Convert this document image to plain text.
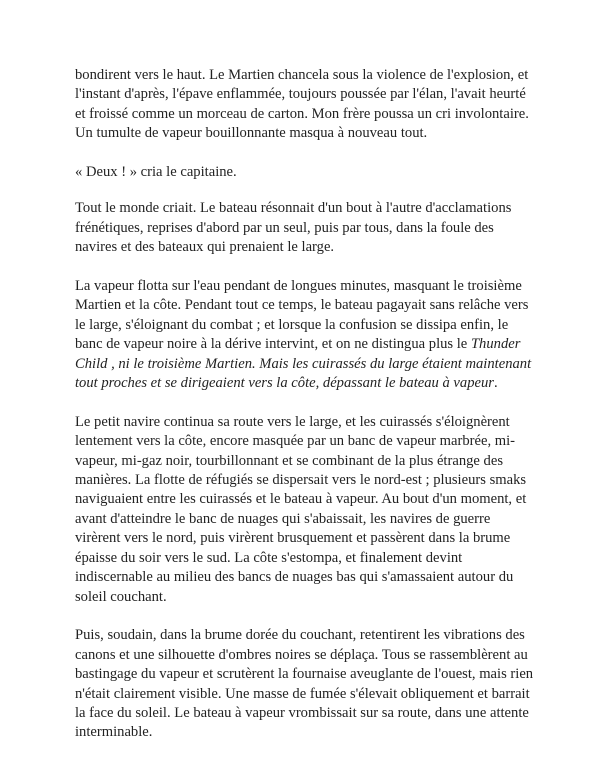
bondirent vers le haut. Le Martien chancela sous la violence de l'explosion, et l'instant d'après, l'épave enflammée, toujours poussée par l'élan, l'avait heurté et froissé comme un morceau de carton. Mon frère poussa un cri involontaire. Un tumulte de vapeur bouillonnante masqua à nouveau tout.

« Deux ! » cria le capitaine.

Tout le monde criait. Le bateau résonnait d'un bout à l'autre d'acclamations frénétiques, reprises d'abord par un seul, puis par tous, dans la foule des navires et des bateaux qui prenaient le large.

La vapeur flotta sur l'eau pendant de longues minutes, masquant le troisième Martien et la côte. Pendant tout ce temps, le bateau pagayait sans relâche vers le large, s'éloignant du combat ; et lorsque la confusion se dissipa enfin, le banc de vapeur noire à la dérive intervint, et on ne distingua plus le Thunder Child , ni le troisième Martien. Mais les cuirassés du large étaient maintenant tout proches et se dirigeaient vers la côte, dépassant le bateau à vapeur.

Le petit navire continua sa route vers le large, et les cuirassés s'éloignèrent lentement vers la côte, encore masquée par un banc de vapeur marbrée, mi-vapeur, mi-gaz noir, tourbillonnant et se combinant de la plus étrange des manières. La flotte de réfugiés se dispersait vers le nord-est ; plusieurs smaks naviguaient entre les cuirassés et le bateau à vapeur. Au bout d'un moment, et avant d'atteindre le banc de nuages qui s'abaissait, les navires de guerre virèrent vers le nord, puis virèrent brusquement et passèrent dans la brume épaisse du soir vers le sud. La côte s'estompa, et finalement devint indiscernable au milieu des bancs de nuages bas qui s'amassaient autour du soleil couchant.

Puis, soudain, dans la brume dorée du couchant, retentirent les vibrations des canons et une silhouette d'ombres noires se déplaça. Tous se rassemblèrent au bastingage du vapeur et scrutèrent la fournaise aveuglante de l'ouest, mais rien n'était clairement visible. Une masse de fumée s'élevait obliquement et barrait la face du soleil. Le bateau à vapeur vrombissait sur sa route, dans une attente interminable.
